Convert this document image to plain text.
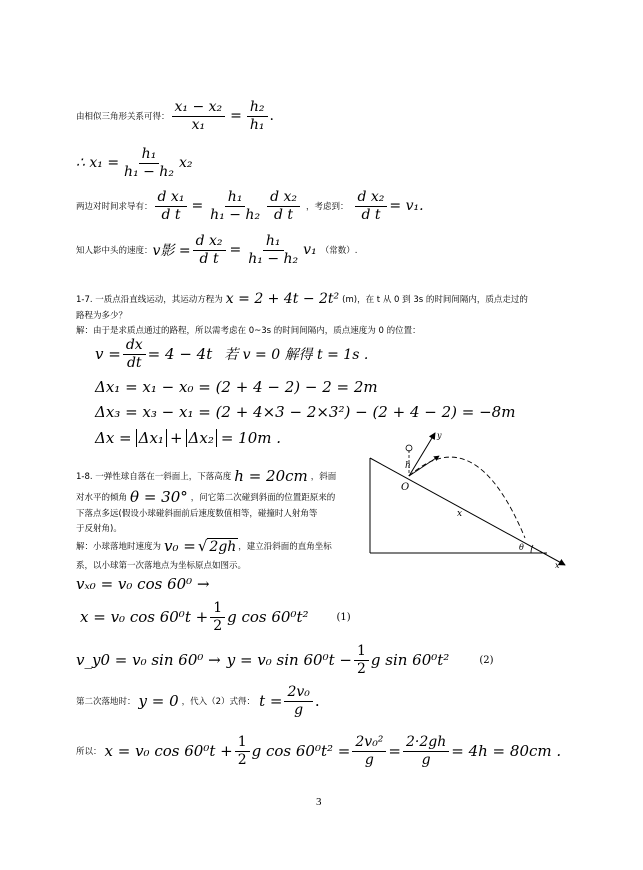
由相似三角形关系可得： $\frac{\text{x₁ − x₂}}{\text{x₁}} = \frac{\text{h₂}}{\text{h₁}}$ .
∴ $x_1 = \frac{\text{h₁}}{\text{h₁ − h₂}} x_2$
两边对时间求导有： $\frac{\text{d x₁}}{\text{d t}} = \frac{\text{h₁}}{\text{h₁ − h₂}} \frac{\text{d x₂}}{\text{d t}}$ ，考虑到： $\frac{\text{d x₂}}{\text{d t}} = v_1$.
知人影中头的速度： v影 = $\frac{\text{d x₂}}{\text{d t}} = \frac{\text{h₁}}{\text{h₁ − h₂}} v_1$ （常数）.
1-7. 一质点沿直线运动，其运动方程为 x = 2 + 4t − 2t² (m)，在 t 从 0 到 3s 的时间间隔内，质点走过的
路程为多少？
解：由于是求质点通过的路程，所以需考虑在 0~3s 的时间间隔内，质点速度为 0 的位置：
$v = \frac{dx}{dt} = 4 - 4t$ 若 v = 0 解得 t = 1s .
Δx₁ = x₁ − x₀ = (2 + 4 − 2) − 2 = 2m
Δx₃ = x₃ − x₁ = (2 + 4×3 − 2×3²) − (2 + 4 − 2) = −8m
Δx = Δx₁ + Δx₂ = 10m .
1-8. 一弹性球自落在一斜面上，下落高度 h = 20cm ，斜面
对水平的倾角 θ = 30° ，问它第二次碰到斜面的位置距原来的
下落点多远(假设小球碰斜面前后速度数值相等，碰撞时人射角等
于反射角)。
解：小球落地时速度为 v₀ = √ 2gh ，建立沿斜面的直角坐标
系，以小球第一次落地点为坐标原点如图示。
vₓ₀ = v₀ cos 60⁰ →
x = v₀ $\cos 60^0t + \frac{1}{2}$ g cos 60⁰t²	(1)
v_y0 = v₀ sin 60⁰ → y = v₀ $\sin 60^0t - \frac{1}{2}$ g sin 60⁰t²	(2)
第二次落地时： y = 0 ，代入（2）式得： $t = \frac{\text{2v₀}}{g}$ .
所以： x = v₀ $\cos 60^0t + \frac{1}{2}$ g $\cos 60^0t^2 = \frac{\text{2v₀²}}{g} = \frac{2\cdot 2gh}{g} = 4h = 80cm$ .
h
O
x
y
θ
x
3
